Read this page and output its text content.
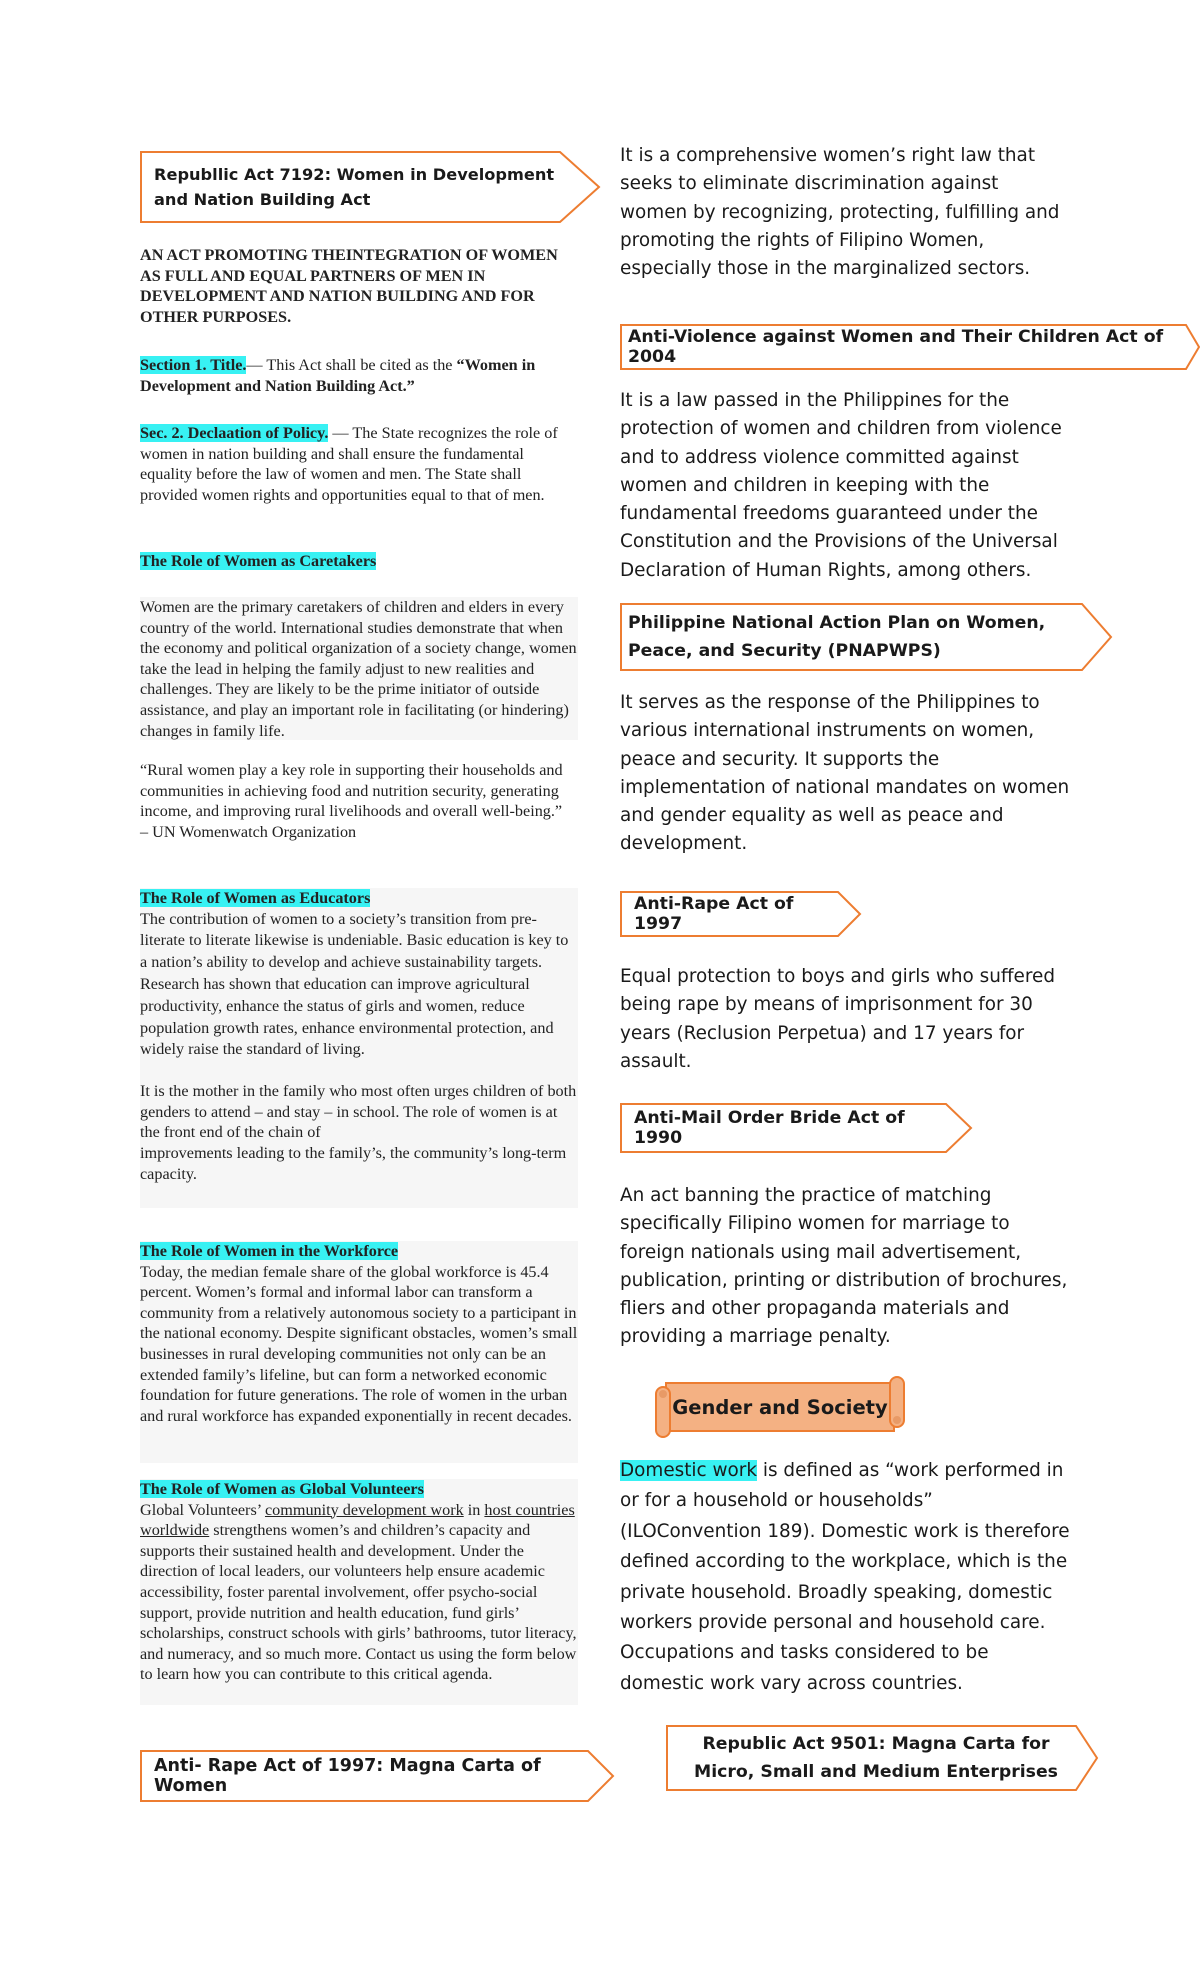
Republlic Act 7192: Women in Development and Nation Building Act

AN ACT PROMOTING THEINTEGRATION OF WOMEN AS FULL AND EQUAL PARTNERS OF MEN IN DEVELOPMENT AND NATION BUILDING AND FOR OTHER PURPOSES.

Section 1. Title.— This Act shall be cited as the “Women in Development and Nation Building Act.”

Sec. 2. Declaation of Policy. — The State recognizes the role of women in nation building and shall ensure the fundamental equality before the law of women and men. The State shall provided women rights and opportunities equal to that of men.

The Role of Women as Caretakers

Women are the primary caretakers of children and elders in every country of the world. International studies demonstrate that when the economy and political organization of a society change, women take the lead in helping the family adjust to new realities and challenges. They are likely to be the prime initiator of outside assistance, and play an important role in facilitating (or hindering) changes in family life.

“Rural women play a key role in supporting their households and communities in achieving food and nutrition security, generating income, and improving rural livelihoods and overall well-being.”

– UN Womenwatch Organization

The Role of Women as Educators

The contribution of women to a society’s transition from pre-literate to literate likewise is undeniable. Basic education is key to a nation’s ability to develop and achieve sustainability targets. Research has shown that education can improve agricultural productivity, enhance the status of girls and women, reduce population growth rates, enhance environmental protection, and widely raise the standard of living.

It is the mother in the family who most often urges children of both genders to attend – and stay – in school. The role of women is at the front end of the chain of

improvements leading to the family’s, the community’s long-term capacity.

The Role of Women in the Workforce

Today, the median female share of the global workforce is 45.4 percent. Women’s formal and informal labor can transform a community from a relatively autonomous society to a participant in the national economy. Despite significant obstacles, women’s small businesses in rural developing communities not only can be an extended family’s lifeline, but can form a networked economic foundation for future generations. The role of women in the urban and rural workforce has expanded exponentially in recent decades.

The Role of Women as Global Volunteers

Global Volunteers’ community development work in host countries worldwide strengthens women’s and children’s capacity and supports their sustained health and development. Under the direction of local leaders, our volunteers help ensure academic accessibility, foster parental involvement, offer psycho-social support, provide nutrition and health education, fund girls’ scholarships, construct schools with girls’ bathrooms, tutor literacy, and numeracy, and so much more. Contact us using the form below to learn how you can contribute to this critical agenda.

Anti- Rape Act of 1997: Magna Carta of Women

It is a comprehensive women’s right law that seeks to eliminate discrimination against women by recognizing, protecting, fulfilling and promoting the rights of Filipino Women, especially those in the marginalized sectors.

Anti-Violence against Women and Their Children Act of 2004

It is a law passed in the Philippines for the protection of women and children from violence and to address violence committed against women and children in keeping with the fundamental freedoms guaranteed under the Constitution and the Provisions of the Universal Declaration of Human Rights, among others.

Philippine National Action Plan on Women, Peace, and Security (PNAPWPS)

It serves as the response of the Philippines to various international instruments on women, peace and security. It supports the implementation of national mandates on women and gender equality as well as peace and development.

Anti-Rape Act of 1997

Equal protection to boys and girls who suffered being rape by means of imprisonment for 30 years (Reclusion Perpetua) and 17 years for assault.

Anti-Mail Order Bride Act of 1990

An act banning the practice of matching specifically Filipino women for marriage to foreign nationals using mail advertisement, publication, printing or distribution of brochures, fliers and other propaganda materials and providing a marriage penalty.

Gender and Society

Domestic work is defined as “work performed in or for a household or households” (ILOConvention 189). Domestic work is therefore defined according to the workplace, which is the private household. Broadly speaking, domestic workers provide personal and household care. Occupations and tasks considered to be domestic work vary across countries.

Republic Act 9501: Magna Carta for Micro, Small and Medium Enterprises
